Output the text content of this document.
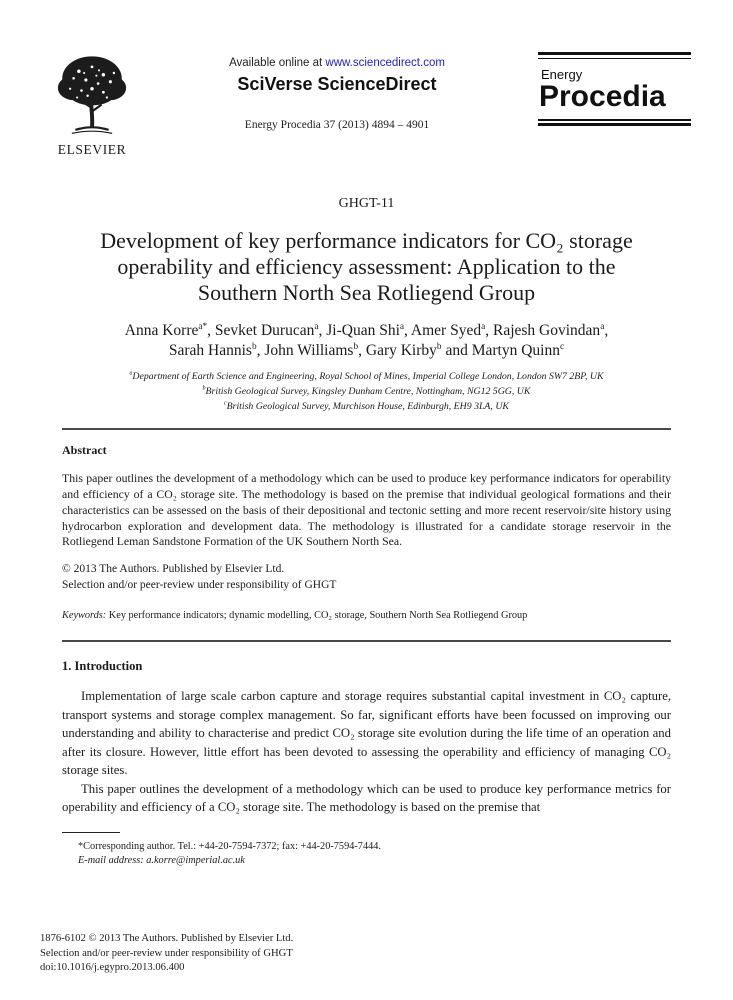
ELSEVIER
Available online at www.sciencedirect.com
SciVerse ScienceDirect
Energy Procedia 37 (2013) 4894 – 4901
Energy
Procedia
GHGT-11
Development of key performance indicators for CO₂ storage
operability and efficiency assessment: Application to the
Southern North Sea Rotliegend Group
Anna Korre$^{a*}$, Sevket Durucan$^a$, Ji-Quan Shi$^a$, Amer Syed$^a$, Rajesh Govindan$^a$,
Sarah Hannis$^b$, John Williams$^b$, Gary Kirby$^b$ and Martyn Quinn$^c$
$^a$Department of Earth Science and Engineering, Royal School of Mines, Imperial College London, London SW7 2BP, UK
$^b$British Geological Survey, Kingsley Dunham Centre, Nottingham, NG12 5GG, UK
$^c$British Geological Survey, Murchison House, Edinburgh, EH9 3LA, UK
Abstract

This paper outlines the development of a methodology which can be used to produce key performance indicators for operability and efficiency of a CO₂ storage site. The methodology is based on the premise that individual geological formations and their characteristics can be assessed on the basis of their depositional and tectonic setting and more recent reservoir/site history using hydrocarbon exploration and development data. The methodology is illustrated for a candidate storage reservoir in the Rotliegend Leman Sandstone Formation of the UK Southern North Sea.

© 2013 The Authors. Published by Elsevier Ltd.
Selection and/or peer-review under responsibility of GHGT
Keywords: Key performance indicators; dynamic modelling, CO₂ storage, Southern North Sea Rotliegend Group
1. Introduction

Implementation of large scale carbon capture and storage requires substantial capital investment in CO₂ capture, transport systems and storage complex management. So far, significant efforts have been focussed on improving our understanding and ability to characterise and predict CO₂ storage site evolution during the life time of an operation and after its closure. However, little effort has been devoted to assessing the operability and efficiency of managing CO₂ storage sites.

This paper outlines the development of a methodology which can be used to produce key performance metrics for operability and efficiency of a CO₂ storage site. The methodology is based on the premise that

*Corresponding author. Tel.: +44-20-7594-7372; fax: +44-20-7594-7444.
E-mail address: a.korre@imperial.ac.uk
1876-6102 © 2013 The Authors. Published by Elsevier Ltd.
Selection and/or peer-review under responsibility of GHGT
doi:10.1016/j.egypro.2013.06.400
